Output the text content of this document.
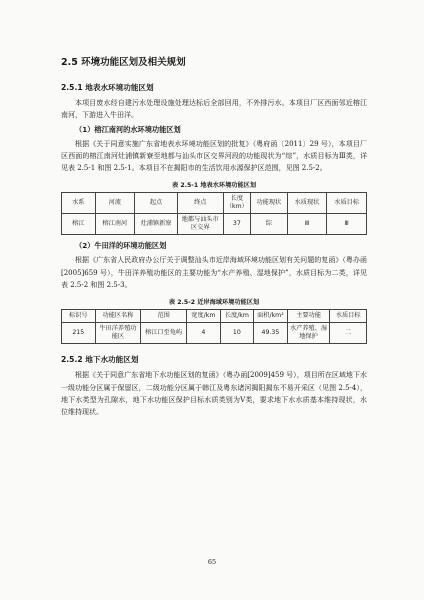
2.5 环境功能区划及相关规划
2.5.1 地表水环境功能区划

本项目废水经自建污水处理设施处理达标后全部回用，不外排污水。本项目厂区西面邻近榕江南河，下游进入牛田洋。

（1）榕江南河的水环境功能区划

根据《关于同意实施广东省地表水环境功能区划的批复》（粤府函〔2011〕29 号），本项目厂区西面的榕江南河灶浦镇新寮至地都与汕头市区交界河段的功能现状为“综”，水质目标为Ⅲ类，详见表 2.5-1 和图 2.5-1。本项目不在揭阳市的生活饮用水源保护区范围，见图 2.5-2。

表 2.5-1 地表水环境功能区划
水系	河流	起点	终点	长度（km）	功能现状	水质现状	水质目标
榕江	榕江南河	灶浦镇新寮	地都与汕头市区交界	37	综	Ⅲ	Ⅲ
（2）牛田洋的环境功能区划

根据《广东省人民政府办公厅关于调整汕头市近岸海域环境功能区划有关问题的复函》（粤办函[2005]659 号），牛田洋养殖功能区的主要功能为“水产养殖、湿地保护”，水质目标为二类，详见表 2.5-2 和图 2.5-3。

表 2.5-2 近岸海域环境功能区划
标识号	功能区名称	范围	宽度/km	长度/km	面积/km²	主要功能	水质目标
215	牛田洋养殖功能区	榕江口至龟屿	4	10	49.35	水产养殖、湿地保护	二
2.5.2 地下水功能区划

根据《关于同意广东省地下水功能区划的复函》（粤办函[2009]459 号），项目所在区域地下水一级功能分区属于保留区，二级功能分区属于韩江及粤东诸河揭阳揭东不易开采区（见图 2.5-4），地下水类型为孔隙水，地下水功能区保护目标水质类别为Ⅴ类，要求地下水水质基本维持现状，水位维持现状。

65
